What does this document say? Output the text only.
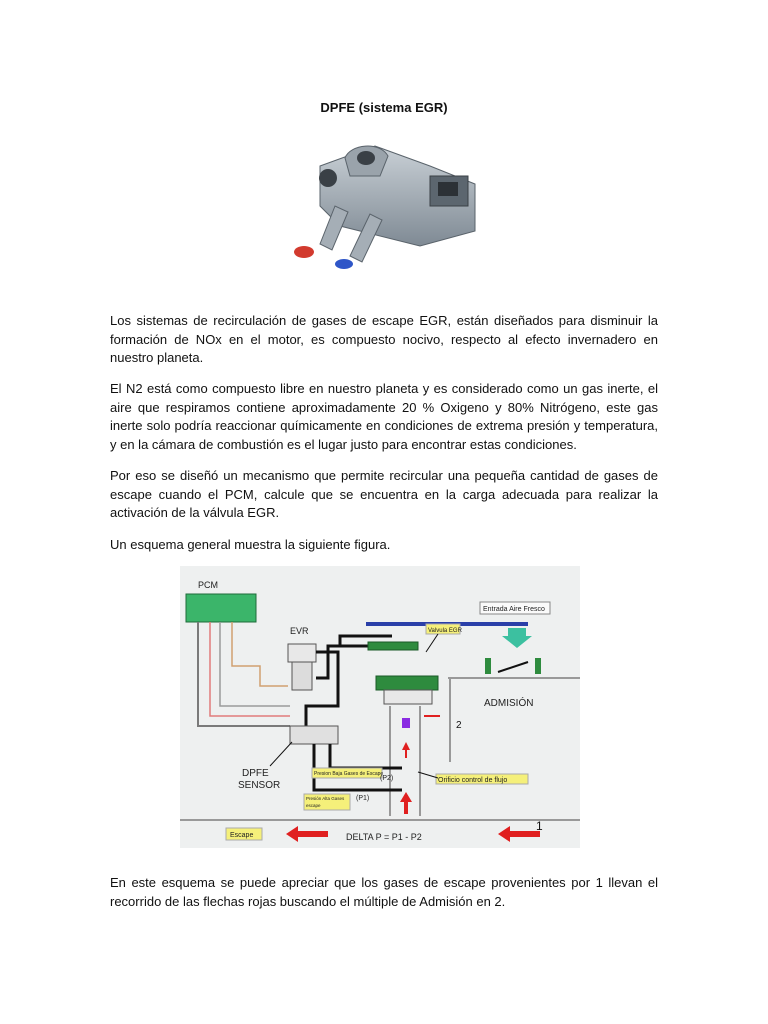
DPFE (sistema EGR)

Los sistemas de recirculación de gases de escape EGR, están diseñados para disminuir la formación de NOx en el motor, es compuesto nocivo, respecto al efecto invernadero en nuestro planeta.

El N2 está como compuesto libre en nuestro planeta y es considerado como un gas inerte, el aire que respiramos contiene aproximadamente 20 % Oxigeno y 80% Nitrógeno, este gas inerte solo podría reaccionar químicamente en condiciones de extrema presión y temperatura, y en la cámara de combustión es el lugar justo para encontrar estas condiciones.

Por eso se diseñó un mecanismo que permite recircular una pequeña cantidad de gases de escape cuando el PCM, calcule que se encuentra en la carga adecuada para realizar la activación de la válvula EGR.

Un esquema general muestra la siguiente figura.

PCM
EVR
Entrada Aire Fresco
ADMISIÓN
Valvula EGR
2
DPFE
SENSOR
Presion Baja Gases de Escape
(P2)	Orificio control de flujo
Presión Alta Gases
escape
(P1)
Escape	DELTA P = P1 - P2
1

En este esquema se puede apreciar que los gases de escape provenientes por 1 llevan el recorrido de las flechas rojas buscando el múltiple de Admisión en 2.
